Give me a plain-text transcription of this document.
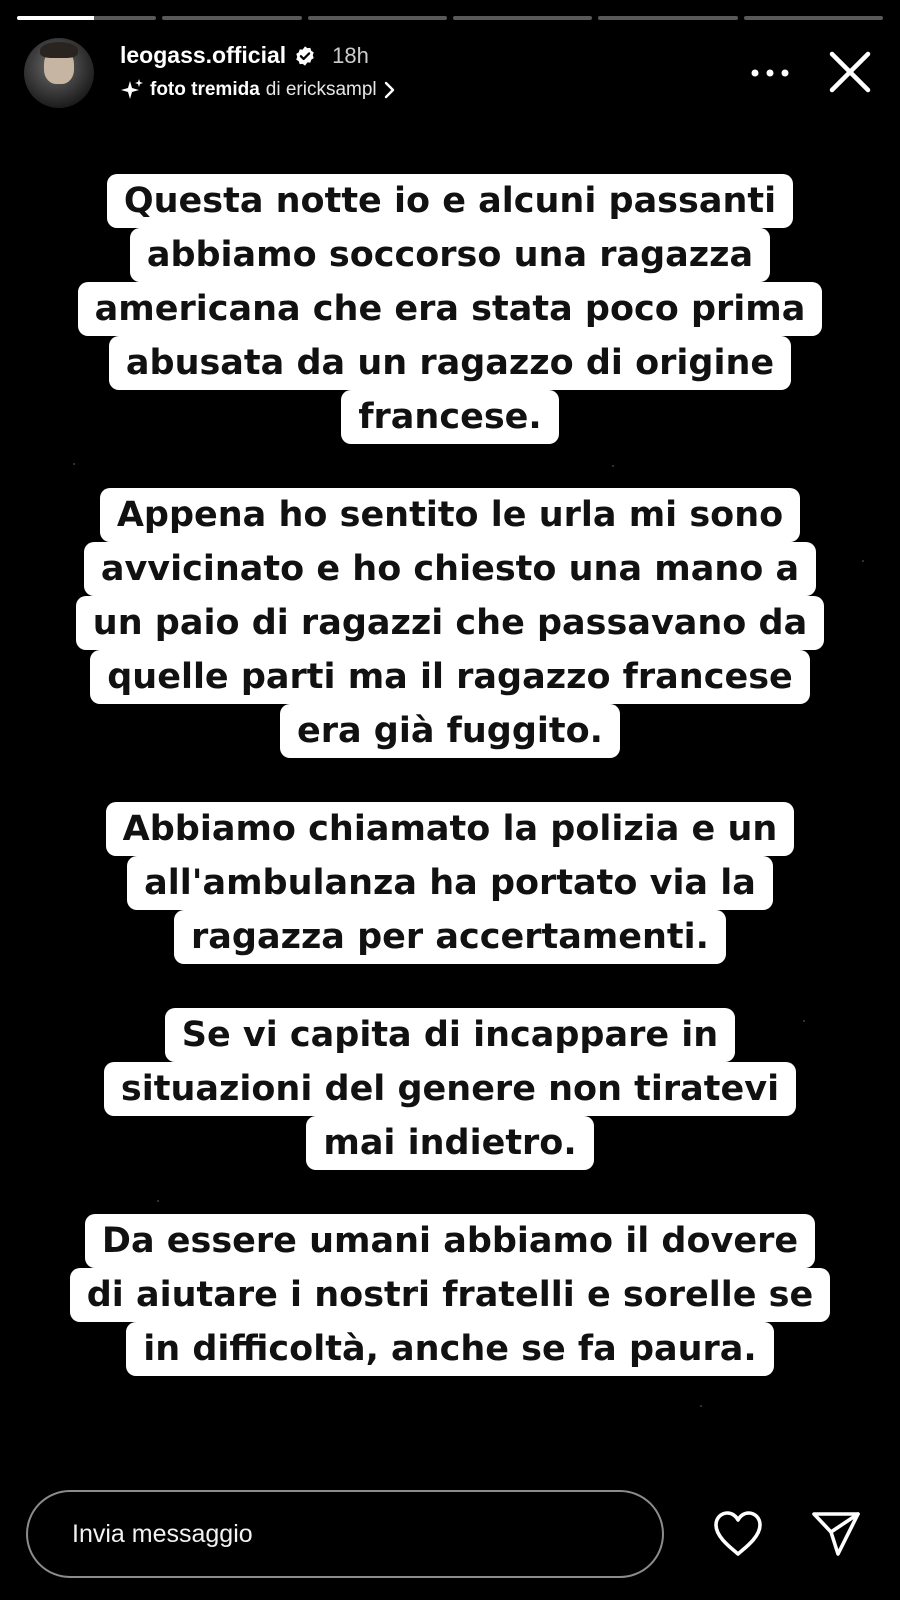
leogass.official 18h
foto tremida di ericksampl
Questa notte io e alcuni passanti
abbiamo soccorso una ragazza
americana che era stata poco prima
abusata da un ragazzo di origine
francese.
Appena ho sentito le urla mi sono
avvicinato e ho chiesto una mano a
un paio di ragazzi che passavano da
quelle parti ma il ragazzo francese
era già fuggito.
Abbiamo chiamato la polizia e un
all'ambulanza ha portato via la
ragazza per accertamenti.
Se vi capita di incappare in
situazioni del genere non tiratevi
mai indietro.
Da essere umani abbiamo il dovere
di aiutare i nostri fratelli e sorelle se
in difficoltà, anche se fa paura.
Invia messaggio
